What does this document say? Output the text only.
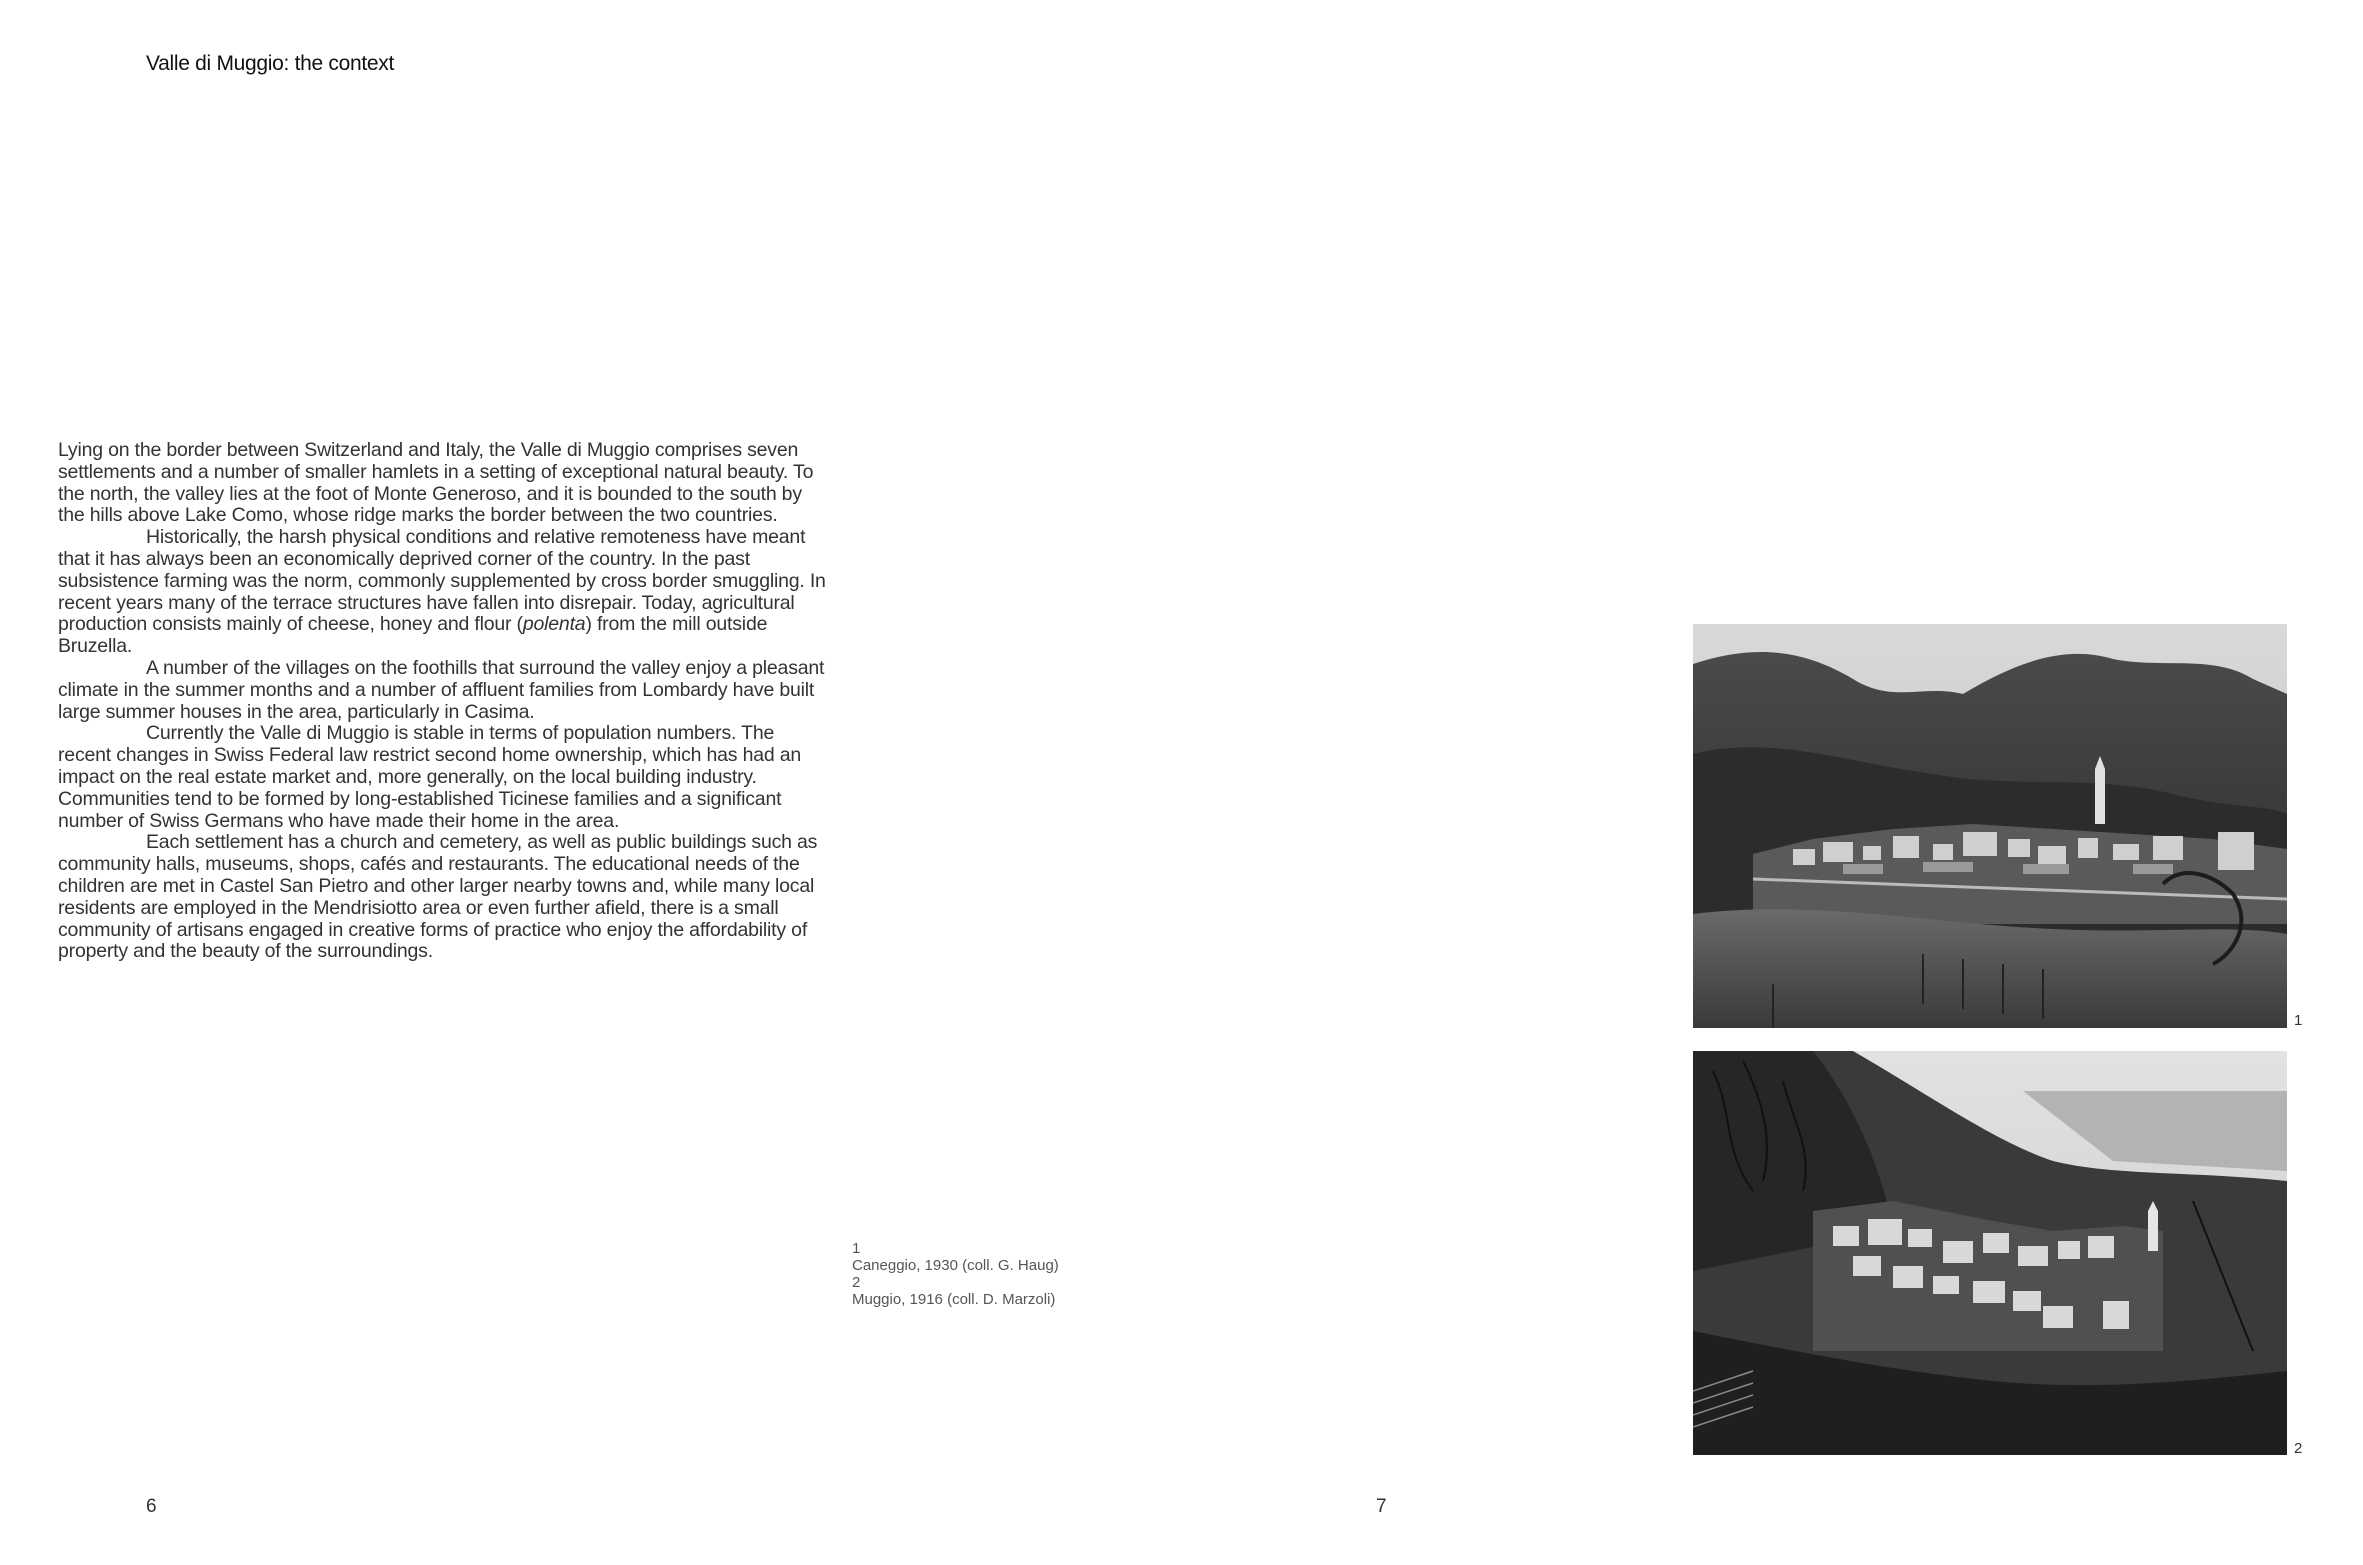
Valle di Muggio: the context

Lying on the border between Switzerland and Italy, the Valle di Muggio comprises seven settlements and a number of smaller hamlets in a setting of exceptional natural beauty. To the north, the valley lies at the foot of Monte Generoso, and it is bounded to the south by the hills above Lake Como, whose ridge marks the border between the two countries.

Historically, the harsh physical conditions and relative remoteness have meant that it has always been an economically deprived corner of the country. In the past subsistence farming was the norm, commonly supplemented by cross border smuggling. In recent years many of the terrace structures have fallen into disrepair. Today, agricultural production consists mainly of cheese, honey and flour (polenta) from the mill outside Bruzella.

A number of the villages on the foothills that surround the valley enjoy a pleasant climate in the summer months and a number of affluent families from Lombardy have built large summer houses in the area, particularly in Casima.

Currently the Valle di Muggio is stable in terms of population numbers. The recent changes in Swiss Federal law restrict second home ownership, which has had an impact on the real estate market and, more generally, on the local building industry. Communities tend to be formed by long-established Ticinese families and a significant number of Swiss Germans who have made their home in the area.

Each settlement has a church and cemetery, as well as public buildings such as community halls, museums, shops, cafés and restaurants. The educational needs of the children are met in Castel San Pietro and other larger nearby towns and, while many local residents are employed in the Mendrisiotto area or even further afield, there is a small community of artisans engaged in creative forms of practice who enjoy the affordability of property and the beauty of the surroundings.

1
Caneggio, 1930 (coll. G. Haug)
2
Muggio, 1916 (coll. D. Marzoli)
6	7
1
2
